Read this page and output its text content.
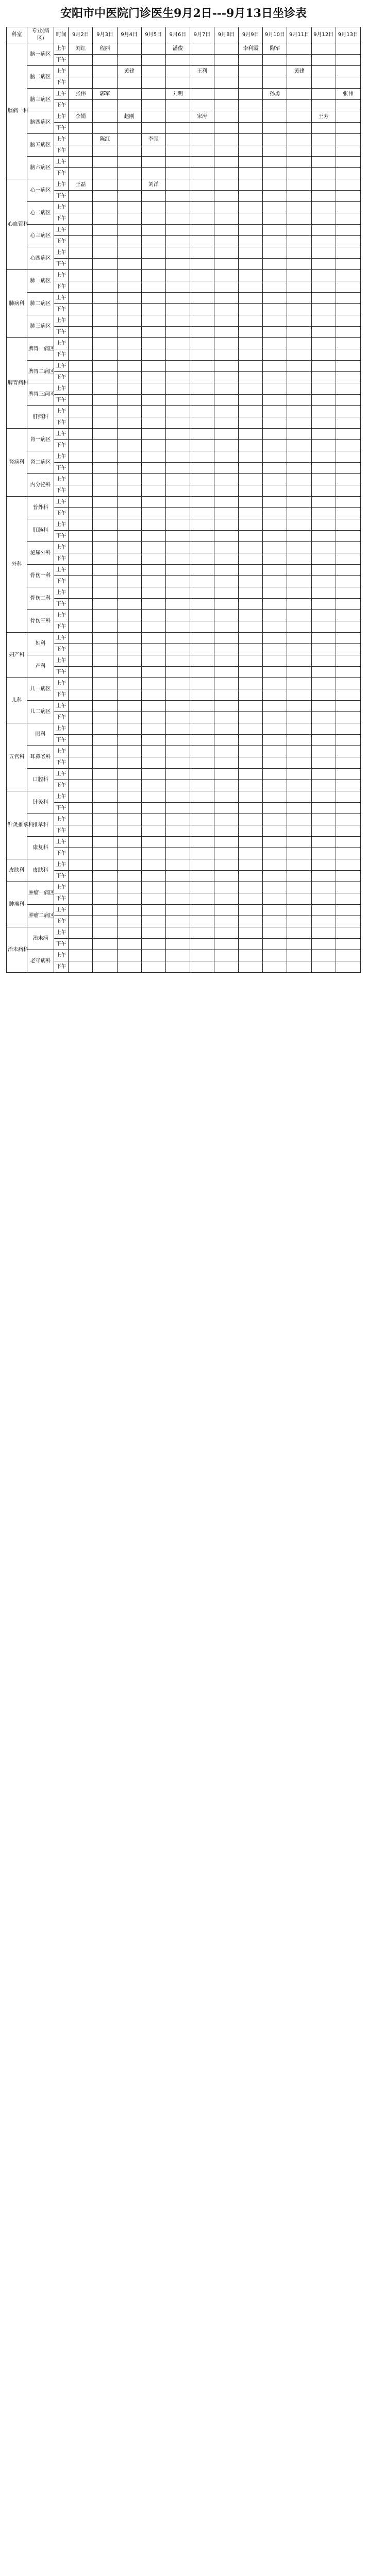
安阳市中医院门诊医生9月2日---9月13日坐诊表
科室	专业(病区)	时间	9月2日	9月3日	9月4日	9月5日	9月6日	9月7日	9月8日	9月9日	9月10日	9月11日	9月12日	9月13日
脑病一科	脑一病区	上午	刘红	程丽			潘俊			李利霞	陶军			
		下午												
	脑二病区	上午			黄建			王利				黄建		
		下午												
	脑三病区	上午	张伟	郭军			刘明				孙勇			张伟
		下午												
	脑四病区	上午	李娟		赵刚			宋涛					王芳	
		下午												
	脑五病区	上午		陈红		李强								
		下午												
	脑六病区	上午												
		下午												
心血管科	心一病区	上午	王磊			刘洋								
		下午												
	心二病区	上午												
		下午												
	心三病区	上午												
		下午												
	心四病区	上午												
		下午												
肺病科	肺一病区	上午												
		下午												
	肺二病区	上午												
		下午												
	肺三病区	上午												
		下午												
脾胃病科	脾胃一病区	上午												
		下午												
	脾胃二病区	上午												
		下午												
	脾胃三病区	上午												
		下午												
	肝病科	上午												
		下午												
肾病科	肾一病区	上午												
		下午												
	肾二病区	上午												
		下午												
	内分泌科	上午												
		下午												
外科	普外科	上午												
		下午												
	肛肠科	上午												
		下午												
	泌尿外科	上午												
		下午												
	骨伤一科	上午												
		下午												
	骨伤二科	上午												
		下午												
	骨伤三科	上午												
		下午												
妇产科	妇科	上午												
		下午												
	产科	上午												
		下午												
儿科	儿一病区	上午												
		下午												
	儿二病区	上午												
		下午												
五官科	眼科	上午												
		下午												
	耳鼻喉科	上午												
		下午												
	口腔科	上午												
		下午												
针灸推拿科	针灸科	上午												
		下午												
	推拿科	上午												
		下午												
	康复科	上午												
		下午												
皮肤科	皮肤科	上午												
		下午												
肿瘤科	肿瘤一病区	上午												
		下午												
	肿瘤二病区	上午												
		下午												
治未病科	治未病	上午												
		下午												
	老年病科	上午												
		下午												
